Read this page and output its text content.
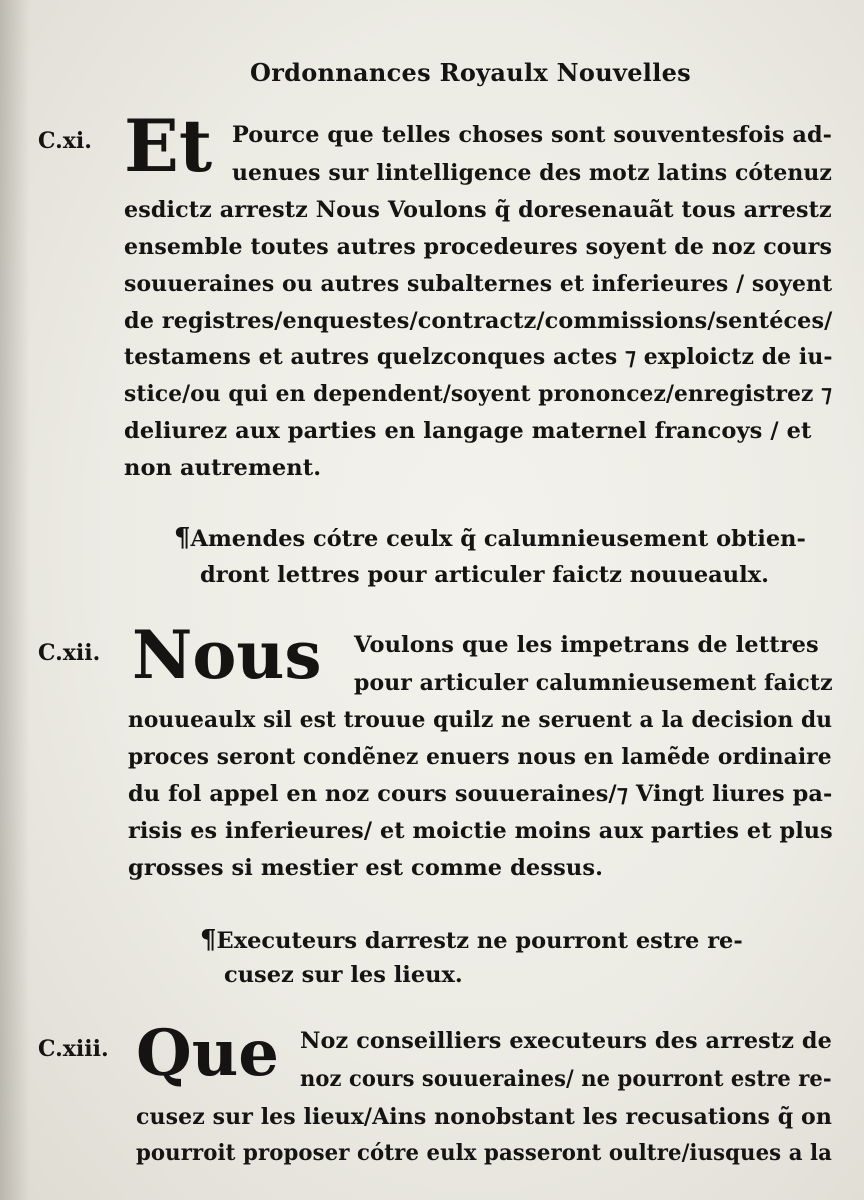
Ordonnances Royaulx Nouvelles
C.xi. Et Pource que telles choses sont souventesfois ad‑
uenues sur lintelligence des motz latins cótenuz
esdictz arrestz Nous Voulons q̃ doresenauãt tous arrestz
ensemble toutes autres procedeures soyent de noz cours
souueraines ou autres subalternes et inferieures / soyent
de registres/enquestes/contractz/commissions/sentéces/
testamens et autres quelzconques actes ⁊ exploictz de iu‑
stice/ou qui en dependent/soyent prononcez/enregistrez ⁊
deliurez aux parties en langage maternel francoys / et
non autrement.
¶Amendes cótre ceulx q̃ calumnieusement obtien‑
dront lettres pour articuler faictz nouueaulx.
C.xii. Nous Voulons que les impetrans de lettres
pour articuler calumnieusement faictz
nouueaulx sil est trouue quilz ne seruent a la decision du
proces seront condẽnez enuers nous en lamẽde ordinaire
du fol appel en noz cours souueraines/⁊ Vingt liures pa‑
risis es inferieures/ et moictie moins aux parties et plus
grosses si mestier est comme dessus.
¶Executeurs darrestz ne pourront estre re‑
cusez sur les lieux.
C.xiii. Que Noz conseilliers executeurs des arrestz de
noz cours souueraines/ ne pourront estre re‑
cusez sur les lieux/Ains nonobstant les recusations q̃ on
pourroit proposer cótre eulx passeront oultre/iusques a la
